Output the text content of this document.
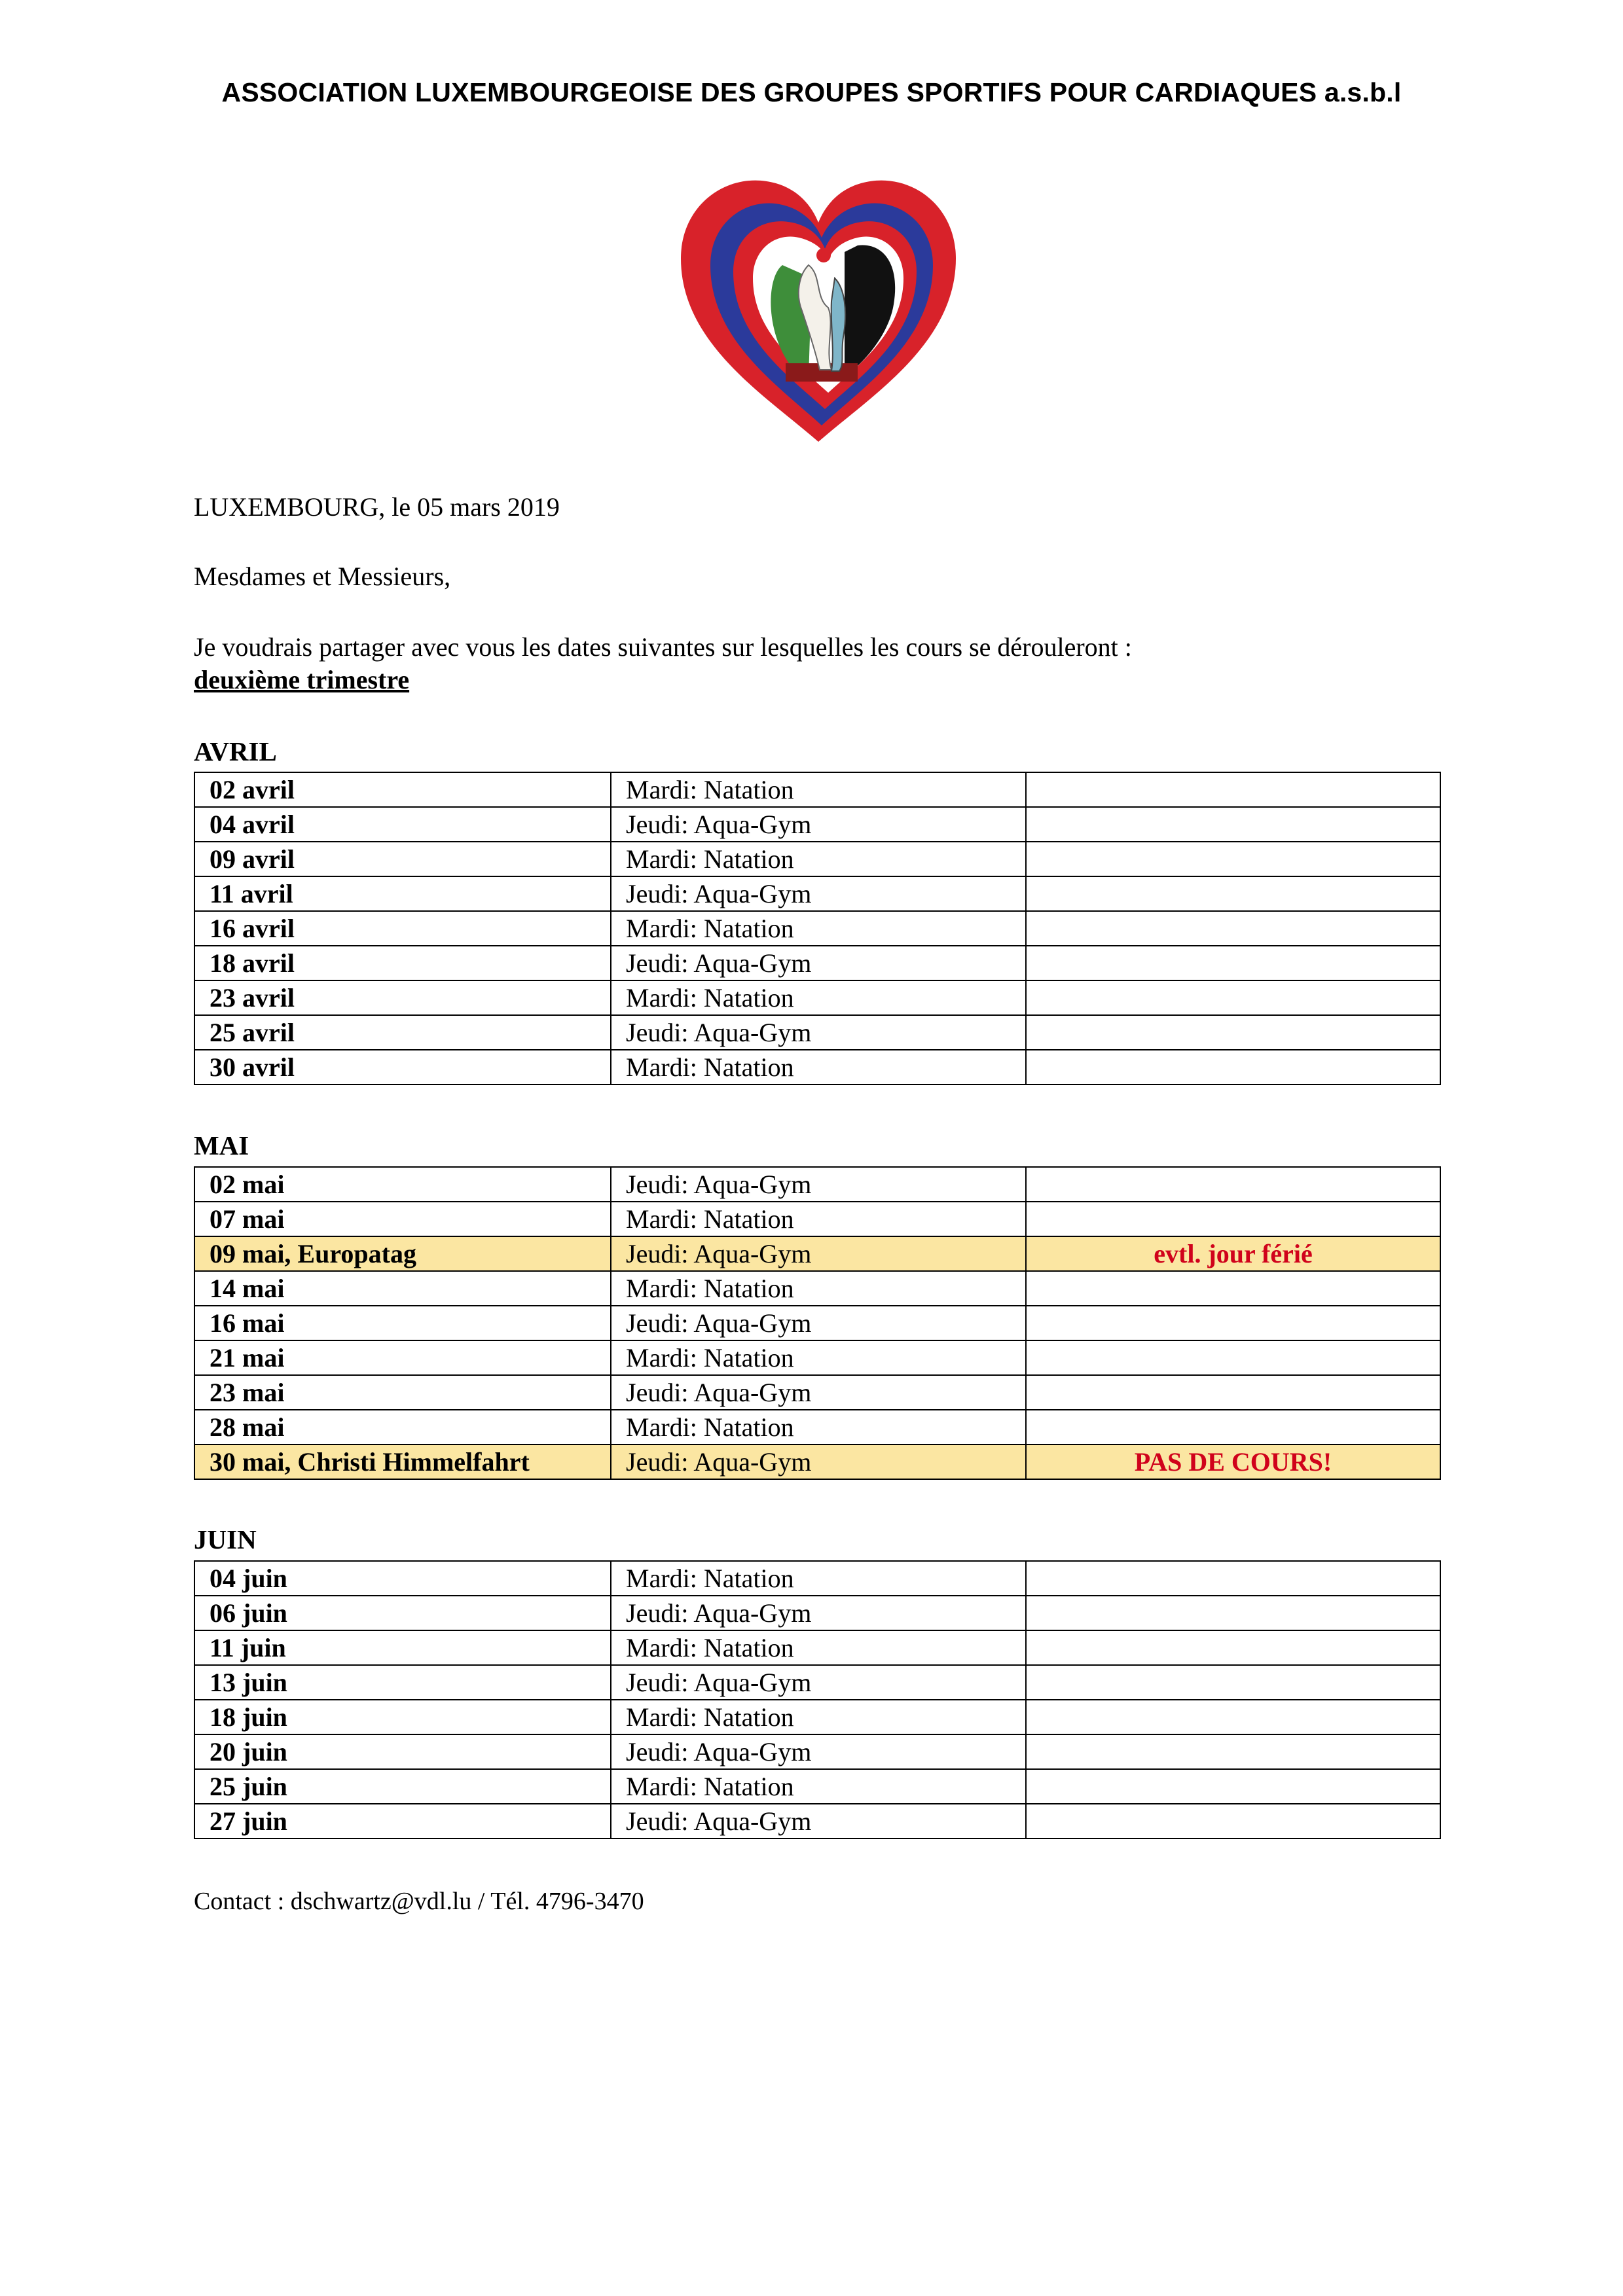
ASSOCIATION LUXEMBOURGEOISE DES GROUPES SPORTIFS POUR CARDIAQUES a.s.b.l
LUXEMBOURG, le 05 mars 2019
Mesdames et Messieurs,
Je voudrais partager avec vous les dates suivantes sur lesquelles les cours se dérouleront :
deuxième trimestre
AVRIL
02 avril	Mardi: Natation	
04 avril	Jeudi: Aqua-Gym	
09 avril	Mardi: Natation	
11 avril	Jeudi: Aqua-Gym	
16 avril	Mardi: Natation	
18 avril	Jeudi: Aqua-Gym	
23 avril	Mardi: Natation	
25 avril	Jeudi: Aqua-Gym	
30 avril	Mardi: Natation	
MAI
02 mai	Jeudi: Aqua-Gym	
07 mai	Mardi: Natation	
09 mai, Europatag	Jeudi: Aqua-Gym	evtl. jour férié
14 mai	Mardi: Natation	
16 mai	Jeudi: Aqua-Gym	
21 mai	Mardi: Natation	
23 mai	Jeudi: Aqua-Gym	
28 mai	Mardi: Natation	
30 mai, Christi Himmelfahrt	Jeudi: Aqua-Gym	PAS DE COURS!
JUIN
04 juin	Mardi: Natation	
06 juin	Jeudi: Aqua-Gym	
11 juin	Mardi: Natation	
13 juin	Jeudi: Aqua-Gym	
18 juin	Mardi: Natation	
20 juin	Jeudi: Aqua-Gym	
25 juin	Mardi: Natation	
27 juin	Jeudi: Aqua-Gym	
Contact : dschwartz@vdl.lu / Tél. 4796-3470
